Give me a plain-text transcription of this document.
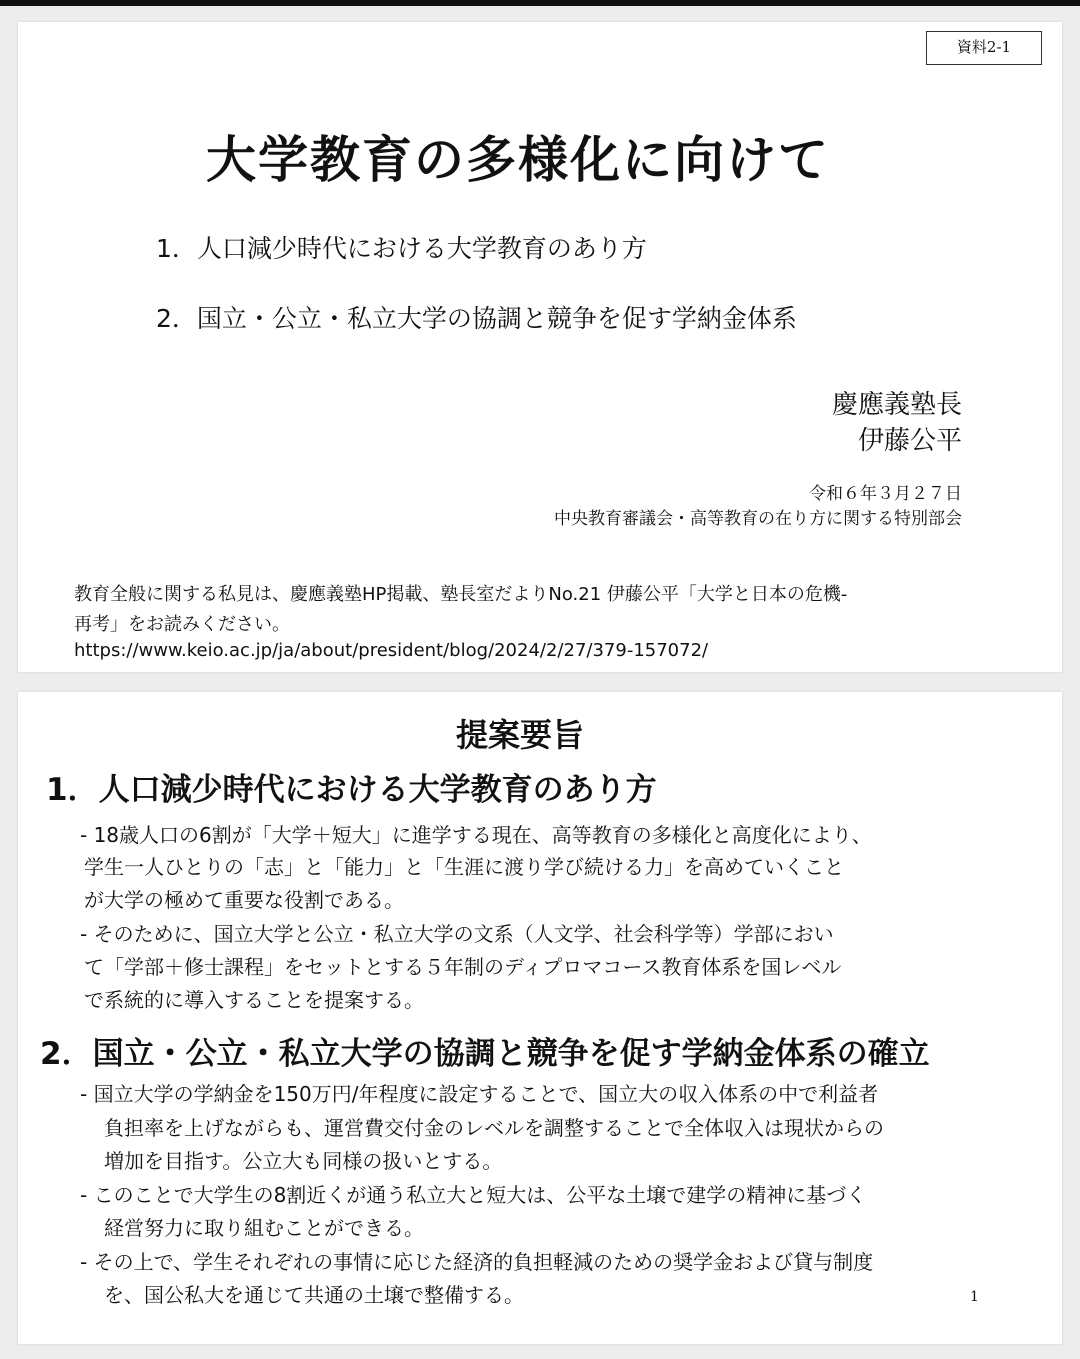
資料2-1
大学教育の多様化に向けて
1．人口減少時代における大学教育のあり方
2．国立・公立・私立大学の協調と競争を促す学納金体系
慶應義塾長
伊藤公平
令和６年３月２７日
中央教育審議会・高等教育の在り方に関する特別部会
教育全般に関する私見は、慶應義塾HP掲載、塾長室だよりNo.21 伊藤公平「大学と日本の危機-
再考」をお読みください。
https://www.keio.ac.jp/ja/about/president/blog/2024/2/27/379-157072/
提案要旨
1．人口減少時代における大学教育のあり方
- 18歳人口の6割が「大学＋短大」に進学する現在、高等教育の多様化と高度化により、
学生一人ひとりの「志」と「能力」と「生涯に渡り学び続ける力」を高めていくこと
が大学の極めて重要な役割である。
- そのために、国立大学と公立・私立大学の文系（人文学、社会科学等）学部におい
て「学部＋修士課程」をセットとする５年制のディプロマコース教育体系を国レベル
で系統的に導入することを提案する。
2．国立・公立・私立大学の協調と競争を促す学納金体系の確立
- 国立大学の学納金を150万円/年程度に設定することで、国立大の収入体系の中で利益者
負担率を上げながらも、運営費交付金のレベルを調整することで全体収入は現状からの
増加を目指す。公立大も同様の扱いとする。
- このことで大学生の8割近くが通う私立大と短大は、公平な土壌で建学の精神に基づく
経営努力に取り組むことができる。
- その上で、学生それぞれの事情に応じた経済的負担軽減のための奨学金および貸与制度
を、国公私大を通じて共通の土壌で整備する。	1
